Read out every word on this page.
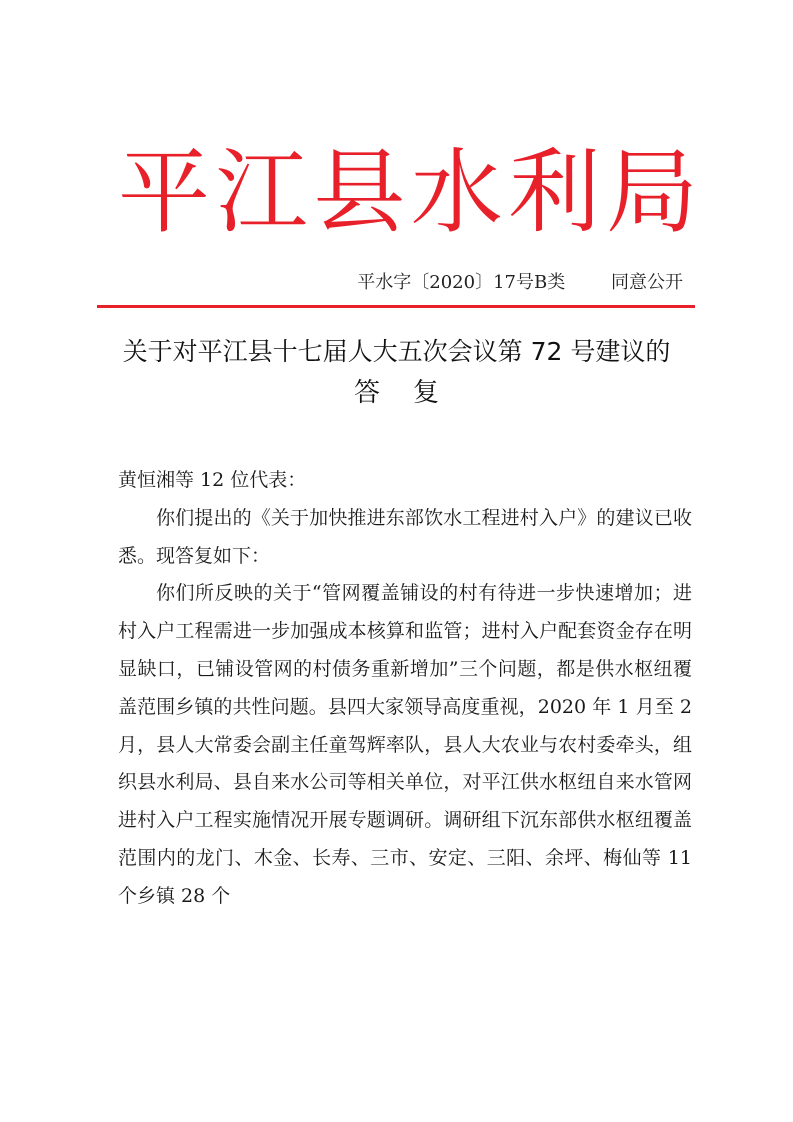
平 江 县 水 利 局
平水字〔2020〕17号B类        同意公开
关于对平江县十七届人大五次会议第 72 号建议的
答    复

黄恒湘等 12 位代表：

你们提出的《关于加快推进东部饮水工程进村入户》的建议已收悉。现答复如下：

你们所反映的关于“管网覆盖铺设的村有待进一步快速增加；进村入户工程需进一步加强成本核算和监管；进村入户配套资金存在明显缺口，已铺设管网的村债务重新增加”三个问题，都是供水枢纽覆盖范围乡镇的共性问题。县四大家领导高度重视，2020 年 1 月至 2 月，县人大常委会副主任童驾辉率队，县人大农业与农村委牵头，组织县水利局、县自来水公司等相关单位，对平江供水枢纽自来水管网进村入户工程实施情况开展专题调研。调研组下沉东部供水枢纽覆盖范围内的龙门、木金、长寿、三市、安定、三阳、余坪、梅仙等 11 个乡镇 28 个
